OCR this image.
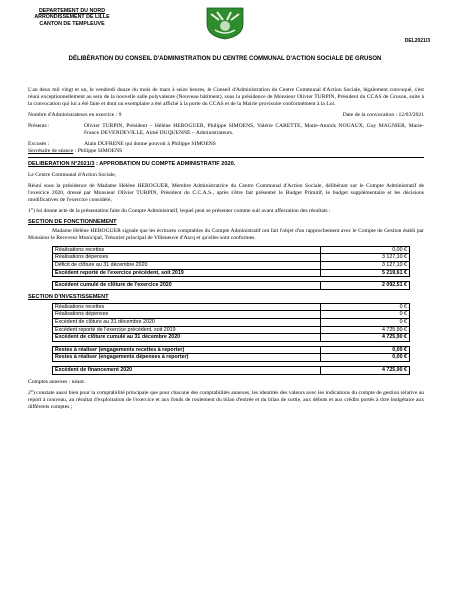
DEPARTEMENT DU NORD
ARRONDISSEMENT DE LILLE
CANTON DE TEMPLEUVE
DEL2021/3
DÉLIBÉRATION DU CONSEIL D'ADMINISTRATION DU CENTRE COMMUNAL D'ACTION SOCIALE DE GRUSON

L'an deux mil vingt et un, le vendredi douze du mois de mars à seize heures, le Conseil d'Administration du Centre Communal d'Action Sociale, légalement convoqué, s'est réuni exceptionnellement au sein de la nouvelle salle polyvalente (Nouveau bâtiment), sous la présidence de Monsieur Olivier TURPIN, Président du CCAS de Gruson, suite à la convocation qui lui a été faite et dont un exemplaire a été affiché à la porte du CCAS et de la Mairie provisoire conformément à la Loi.

Nombre d'Administrateurs en exercice : 9	Date de la convocation : 12/03/2021
Présents :	Olivier TURPIN, Président – Hélène HEROGUER, Philippe SIMOENS, Valérie CARETTE, Marie-Annick NOUAUX, Guy MAGNIER, Marie-France DEVENDEVILLE, Aimé DUQUENNE – Administrateurs.
Excusés :	Alain DUFRENE qui donne pouvoir à Philippe SIMOENS
Secrétaire de séance : Philippe SIMOENS

DELIBERATION N°2021/3 : APPROBATION DU COMPTE ADMINISTRATIF 2020.

Le Centre Communal d'Action Sociale,

Réuni sous la présidence de Madame Hélène HEROGUER, Membre Administratrice du Centre Communal d'Action Sociale, délibérant sur le Compte Administratif de l'exercice 2020, dressé par Monsieur Olivier TURPIN, Président du C.C.A.S., après s'être fait présenter le Budget Primitif, le budget supplémentaire et les décisions modificatives de l'exercice considéré,

1°) lui donne acte de la présentation faite du Compte Administratif, lequel peut se présenter comme suit avant affectation des résultats :

SECTION DE FONCTIONNEMENT

Madame Hélène HEROGUER signale que les écritures comptables du Compte Administratif ont fait l'objet d'un rapprochement avec le Compte de Gestion établi par Monsieur le Receveur Municipal, Trésorier principal de Villeneuve d'Ascq et qu'elles sont conformes.

Réalisations recettes	0,00 €
Réalisations dépenses	3 127,10 €
Déficit de clôture au 31 décembre 2020	3 127,10 €
Excédent reporté de l'exercice précédent, soit 2019	5 219,61 €
Excédent cumulé de clôture de l'exercice 2020	2 092,51 €
SECTION D'INVESTISSEMENT
Réalisations recettes	0 €
Réalisations dépenses	0 €
Excédent de clôture au 31 décembre 2020	0 €
Excédent reporté de l'exercice précédent, soit 2019	4 725,90 €
Excédent de clôture cumulé au 31 décembre 2020	4 725,90 €
Restes à réaliser (engagements recettes à reporter)	0,00 €
Restes à réaliser (engagements dépenses à reporter)	0,00 €
Excédent de financement 2020	4 725,90 €

Comptes annexes : néant.

2°) constate aussi bien pour la comptabilité principale que pour chacune des comptabilités annexes, les identités des valeurs avec les indications du compte de gestion relative au report à nouveau, au résultat d'exploitation de l'exercice et aux fonds de roulement du bilan d'entrée et du bilan de sortie, aux débuts et aux crédits portés à titre budgétaire aux différents comptes ;
